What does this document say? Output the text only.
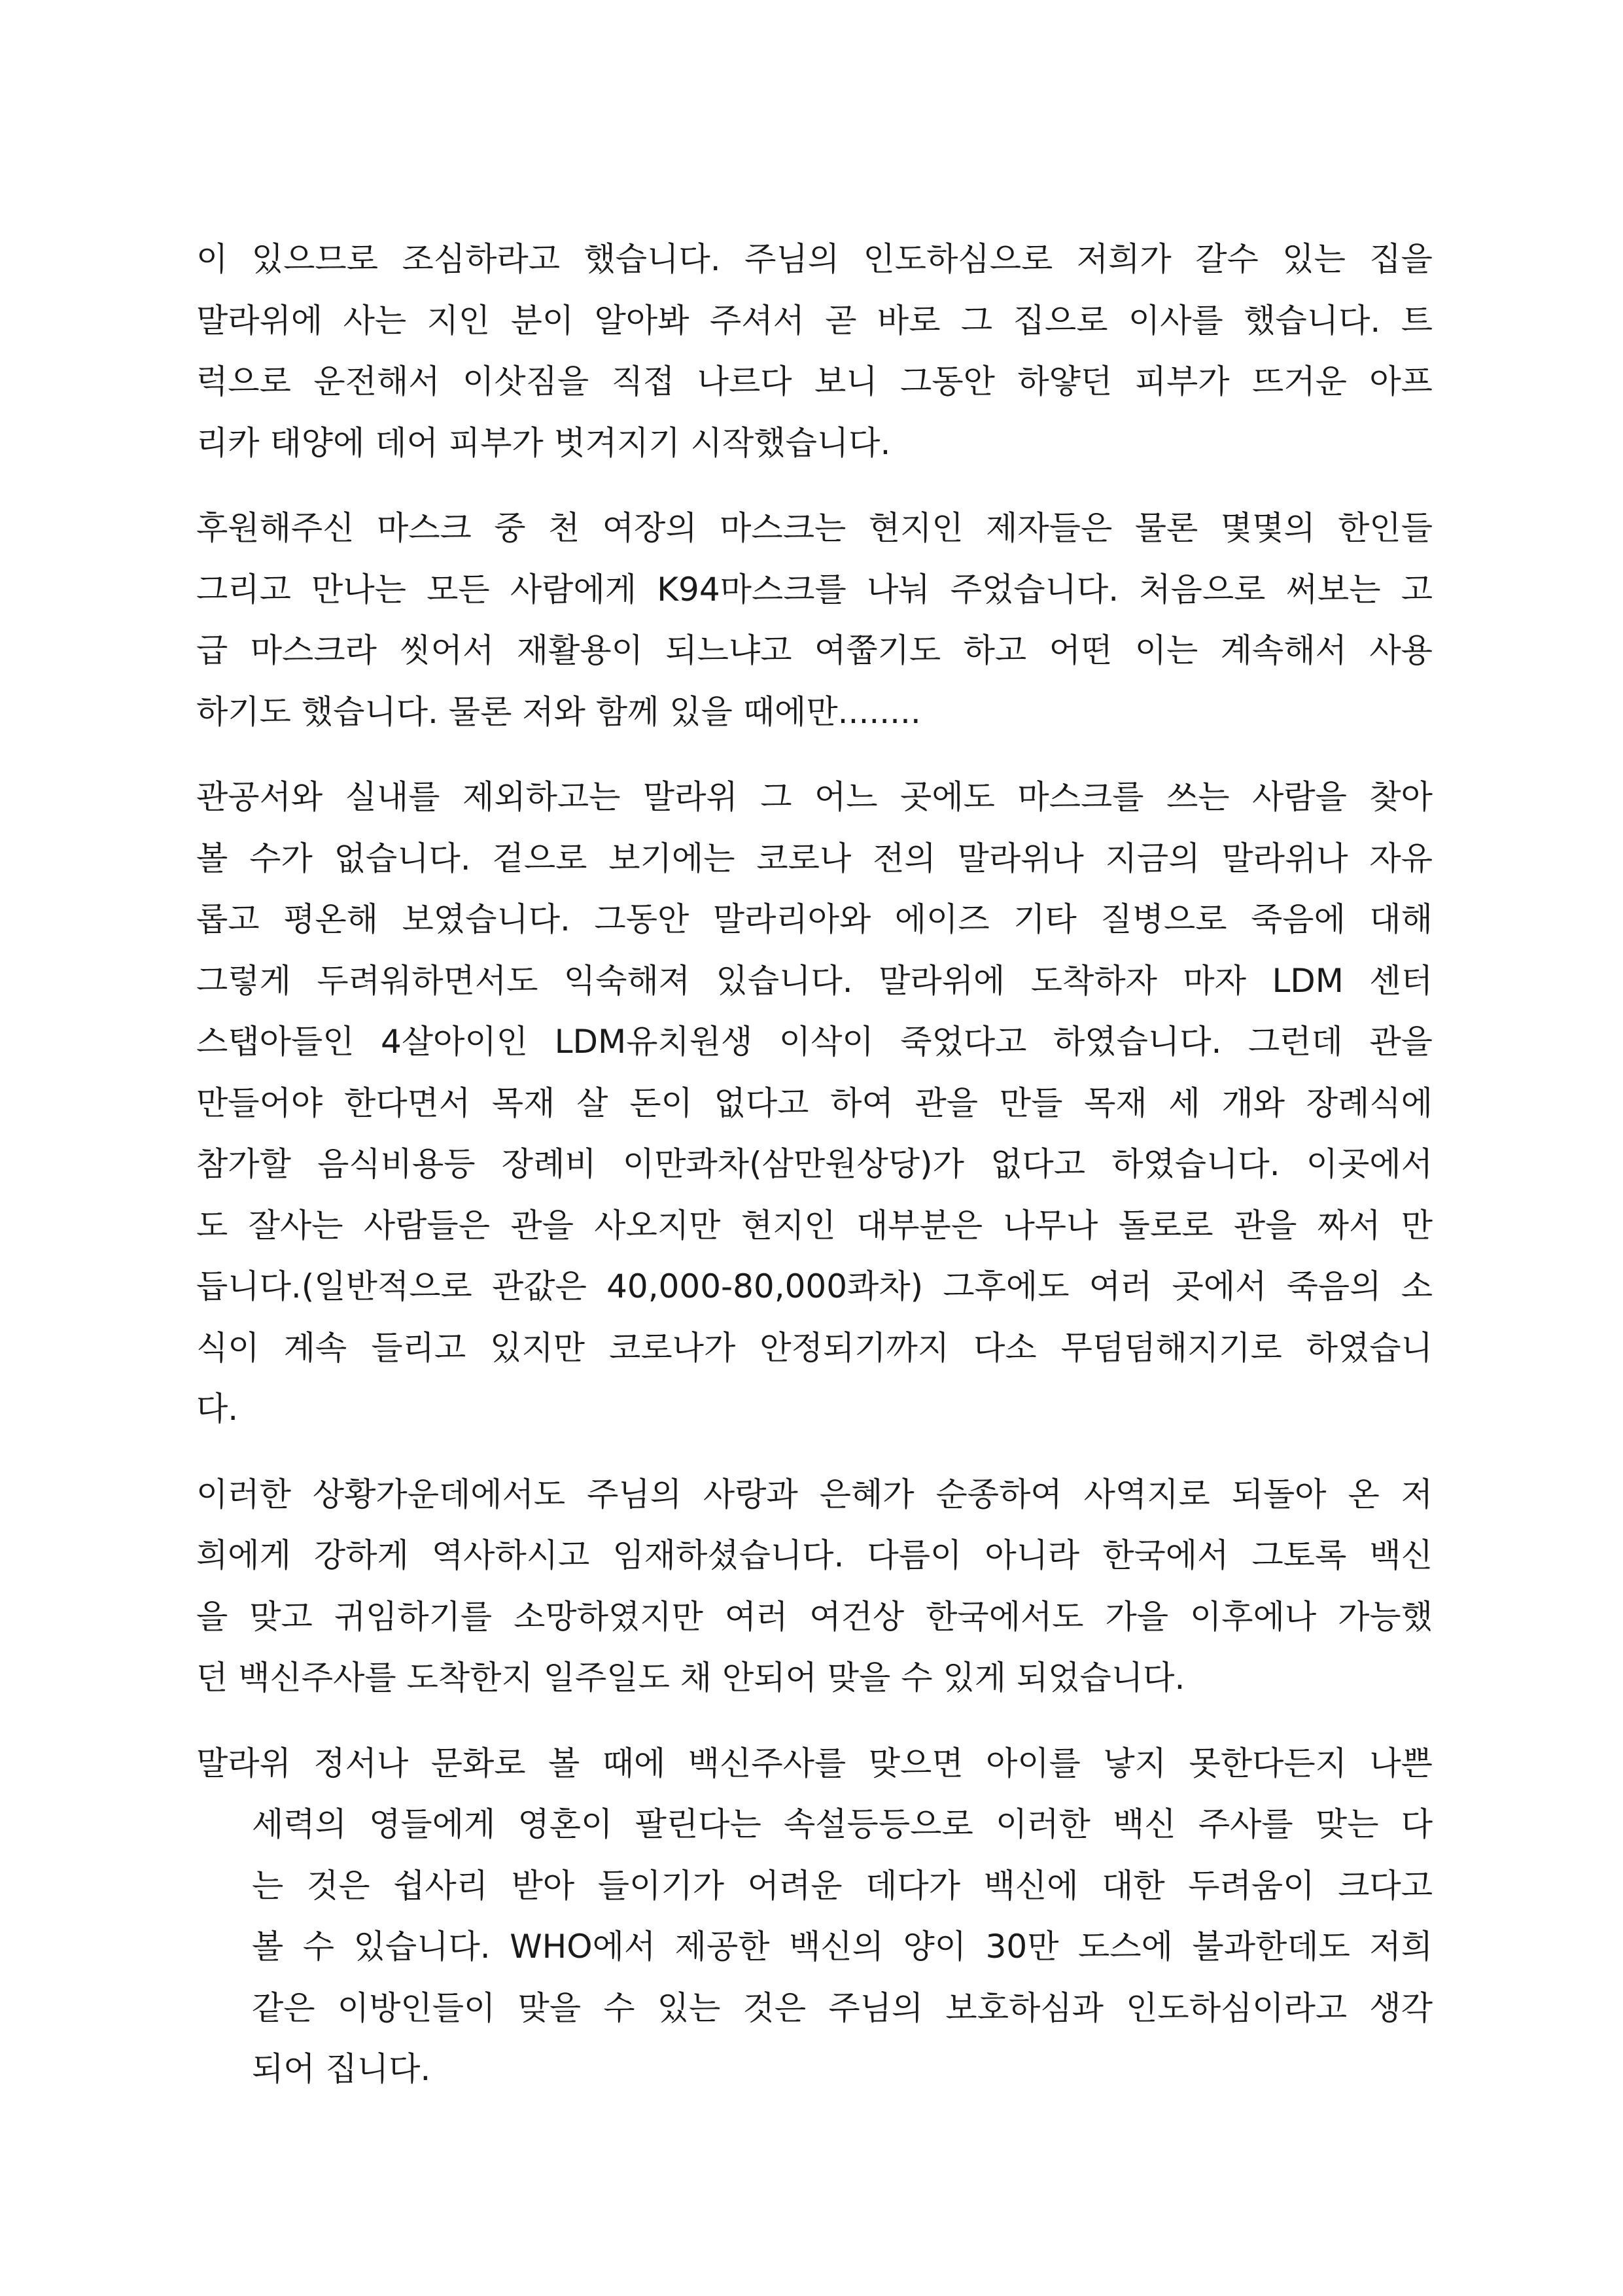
이 있으므로 조심하라고 했습니다. 주님의 인도하심으로 저희가 갈수 있는 집을
말라위에 사는 지인 분이 알아봐 주셔서 곧 바로 그 집으로 이사를 했습니다. 트
럭으로 운전해서 이삿짐을 직접 나르다 보니 그동안 하얗던 피부가 뜨거운 아프
리카 태양에 데어 피부가 벗겨지기 시작했습니다.
후원해주신 마스크 중 천 여장의 마스크는 현지인 제자들은 물론 몇몇의 한인들
그리고 만나는 모든 사람에게 K94마스크를 나눠 주었습니다. 처음으로 써보는 고
급 마스크라 씻어서 재활용이 되느냐고 여쭙기도 하고 어떤 이는 계속해서 사용
하기도 했습니다. 물론 저와 함께 있을 때에만........
관공서와 실내를 제외하고는 말라위 그 어느 곳에도 마스크를 쓰는 사람을 찾아
볼 수가 없습니다. 겉으로 보기에는 코로나 전의 말라위나 지금의 말라위나 자유
롭고 평온해 보였습니다. 그동안 말라리아와 에이즈 기타 질병으로 죽음에 대해
그렇게 두려워하면서도 익숙해져 있습니다. 말라위에 도착하자 마자 LDM 센터
스탭아들인 4살아이인 LDM유치원생 이삭이 죽었다고 하였습니다. 그런데 관을
만들어야 한다면서 목재 살 돈이 없다고 하여 관을 만들 목재 세 개와 장례식에
참가할 음식비용등 장례비 이만콰차(삼만원상당)가 없다고 하였습니다. 이곳에서
도 잘사는 사람들은 관을 사오지만 현지인 대부분은 나무나 돌로로 관을 짜서 만
듭니다.(일반적으로 관값은 40,000-80,000콰차) 그후에도 여러 곳에서 죽음의 소
식이 계속 들리고 있지만 코로나가 안정되기까지 다소 무덤덤해지기로 하였습니
다.
이러한 상황가운데에서도 주님의 사랑과 은혜가 순종하여 사역지로 되돌아 온 저
희에게 강하게 역사하시고 임재하셨습니다. 다름이 아니라 한국에서 그토록 백신
을 맞고 귀임하기를 소망하였지만 여러 여건상 한국에서도 가을 이후에나 가능했
던 백신주사를 도착한지 일주일도 채 안되어 맞을 수 있게 되었습니다.
말라위 정서나 문화로 볼 때에 백신주사를 맞으면 아이를 낳지 못한다든지 나쁜
세력의 영들에게 영혼이 팔린다는 속설등등으로 이러한 백신 주사를 맞는 다
는 것은 쉽사리 받아 들이기가 어려운 데다가 백신에 대한 두려움이 크다고
볼 수 있습니다. WHO에서 제공한 백신의 양이 30만 도스에 불과한데도 저희
같은 이방인들이 맞을 수 있는 것은 주님의 보호하심과 인도하심이라고 생각
되어 집니다.
